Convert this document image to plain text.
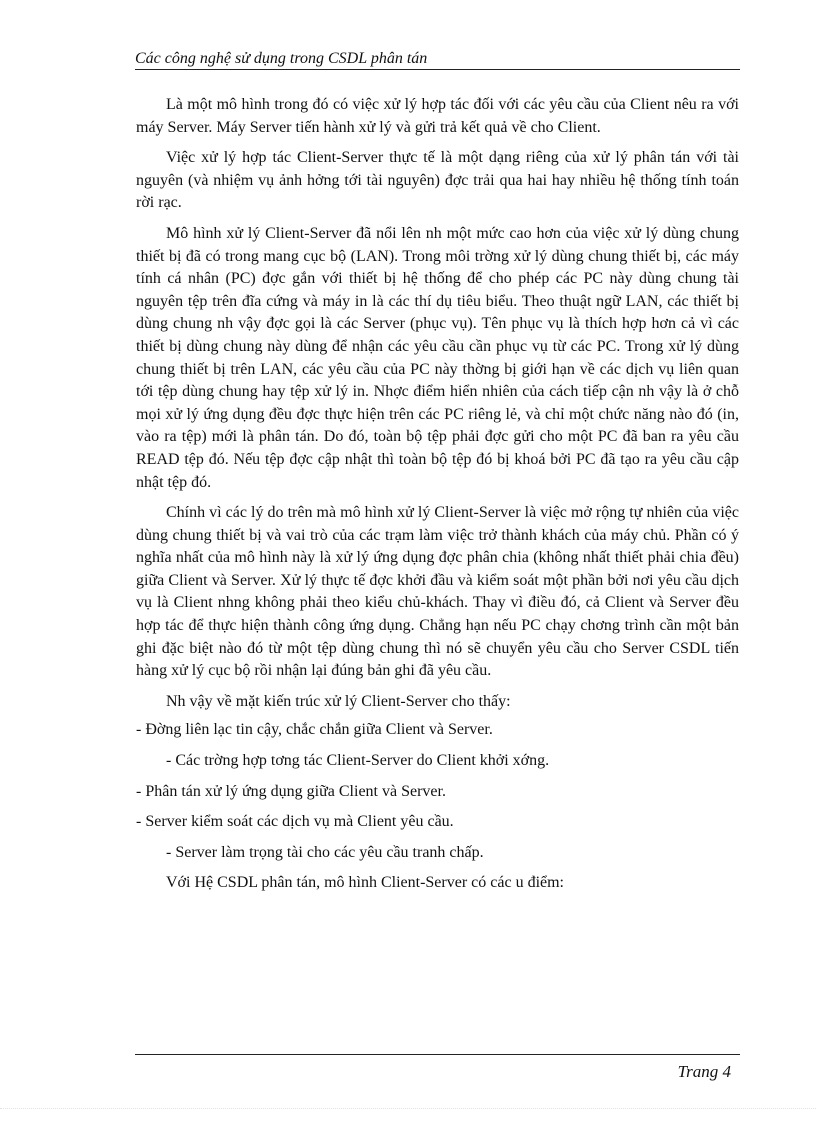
Các công nghệ sử dụng trong CSDL phân tán

Là một mô hình trong đó có việc xử lý hợp tác đối với các yêu cầu của Client nêu ra với máy Server. Máy Server tiến hành xử lý và gửi trả kết quả về cho Client.

Việc xử lý hợp tác Client-Server thực tế là một dạng riêng của xử lý phân tán với tài nguyên (và nhiệm vụ ảnh hởng tới tài nguyên) đợc trải qua hai hay nhiều hệ thống tính toán rời rạc.

Mô hình xử lý Client-Server đã nổi lên nh một mức cao hơn của việc xử lý dùng chung thiết bị đã có trong mang cục bộ (LAN). Trong môi trờng xử lý dùng chung thiết bị, các máy tính cá nhân (PC) đợc gắn với thiết bị hệ thống để cho phép các PC này dùng chung tài nguyên tệp trên đĩa cứng và máy in là các thí dụ tiêu biểu. Theo thuật ngữ LAN, các thiết bị dùng chung nh vậy đợc gọi là các Server (phục vụ). Tên phục vụ là thích hợp hơn cả vì các thiết bị dùng chung này dùng để nhận các yêu cầu cần phục vụ từ các PC. Trong xử lý dùng chung thiết bị trên LAN, các yêu cầu của PC này thờng bị giới hạn về các dịch vụ liên quan tới tệp dùng chung hay tệp xử lý in. Nhợc điểm hiển nhiên của cách tiếp cận nh vậy là ở chỗ mọi xử lý ứng dụng đều đợc thực hiện trên các PC riêng lẻ, và chỉ một chức năng nào đó (in, vào ra tệp) mới là phân tán. Do đó, toàn bộ tệp phải đợc gửi cho một PC đã ban ra yêu cầu READ tệp đó. Nếu tệp đợc cập nhật thì toàn bộ tệp đó bị khoá bởi PC đã tạo ra yêu cầu cập nhật tệp đó.

Chính vì các lý do trên mà mô hình xử lý Client-Server là việc mở rộng tự nhiên của việc dùng chung thiết bị và vai trò của các trạm làm việc trở thành khách của máy chủ. Phần có ý nghĩa nhất của mô hình này là xử lý ứng dụng đợc phân chia (không nhất thiết phải chia đều) giữa Client và Server. Xử lý thực tế đợc khởi đầu và kiểm soát một phần bởi nơi yêu cầu dịch vụ là Client nhng không phải theo kiểu chủ-khách. Thay vì điều đó, cả Client và Server đều hợp tác để thực hiện thành công ứng dụng. Chẳng hạn nếu PC chạy chơng trình cần một bản ghi đặc biệt nào đó từ một tệp dùng chung thì nó sẽ chuyển yêu cầu cho Server CSDL tiến hàng xử lý cục bộ rồi nhận lại đúng bản ghi đã yêu cầu.

Nh vậy về mặt kiến trúc xử lý Client-Server cho thấy:

- Đờng liên lạc tin cậy, chắc chắn giữa Client và Server.

- Các trờng hợp tơng tác Client-Server do Client khởi xớng.

- Phân tán xử lý ứng dụng giữa Client và Server.

- Server kiểm soát các dịch vụ mà Client yêu cầu.

- Server làm trọng tài cho các yêu cầu tranh chấp.

Với Hệ CSDL phân tán, mô hình Client-Server có các u điểm:

Trang 4
